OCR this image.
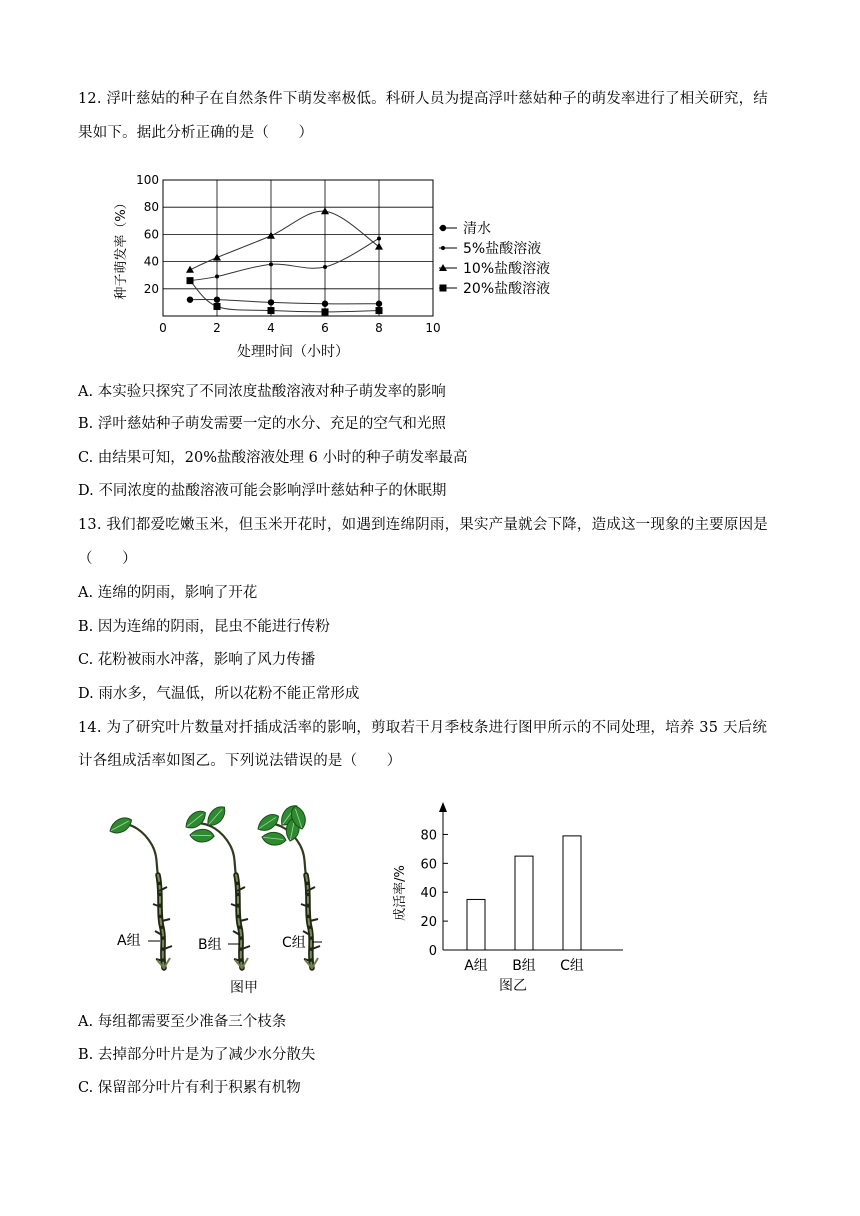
12. 浮叶慈姑的种子在自然条件下萌发率极低。科研人员为提高浮叶慈姑种子的萌发率进行了相关研究，结
果如下。据此分析正确的是（　　）
0	2	4	6	8	10
20
40
60
80
100
处理时间（小时）
种子萌发率（%）	清水
5%盐酸溶液
10%盐酸溶液
20%盐酸溶液
A. 本实验只探究了不同浓度盐酸溶液对种子萌发率的影响
B. 浮叶慈姑种子萌发需要一定的水分、充足的空气和光照
C. 由结果可知，20%盐酸溶液处理 6 小时的种子萌发率最高
D. 不同浓度的盐酸溶液可能会影响浮叶慈姑种子的休眠期
13. 我们都爱吃嫩玉米，但玉米开花时，如遇到连绵阴雨，果实产量就会下降，造成这一现象的主要原因是
（　　）
A. 连绵的阴雨，影响了开花
B. 因为连绵的阴雨，昆虫不能进行传粉
C. 花粉被雨水冲落，影响了风力传播
D. 雨水多，气温低，所以花粉不能正常形成
14. 为了研究叶片数量对扦插成活率的影响，剪取若干月季枝条进行图甲所示的不同处理，培养 35 天后统
计各组成活率如图乙。下列说法错误的是（　　）
A组	B组	C组
图甲
0
20
40
60
80
成活率/%
A组 B组 C组
图乙
A. 每组都需要至少准备三个枝条
B. 去掉部分叶片是为了减少水分散失
C. 保留部分叶片有利于积累有机物
